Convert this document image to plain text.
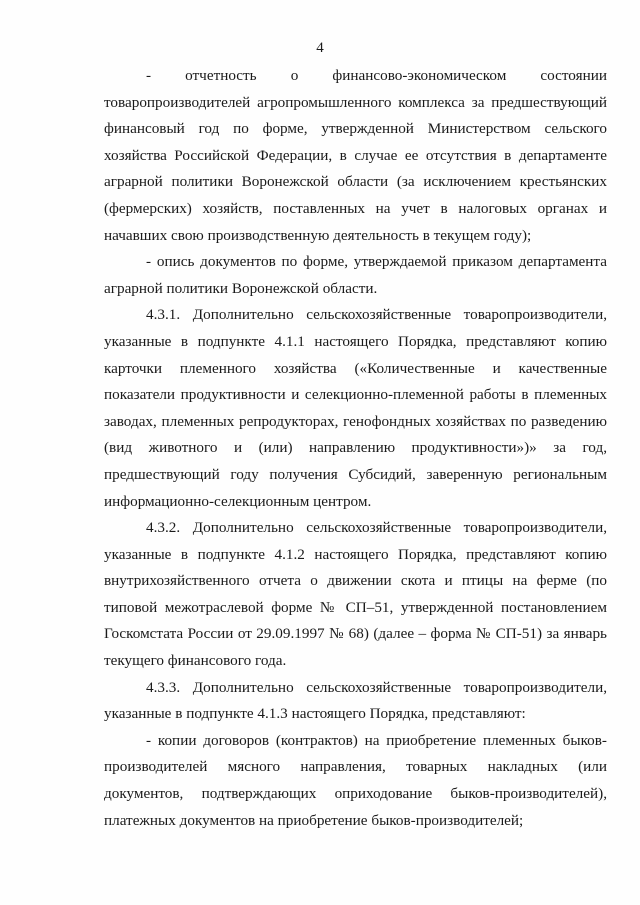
4

- отчетность о финансово-экономическом состоянии товаропроизводителей агропромышленного комплекса за предшествующий финансовый год по форме, утвержденной Министерством сельского хозяйства Российской Федерации, в случае ее отсутствия в департаменте аграрной политики Воронежской области (за исключением крестьянских (фермерских) хозяйств, поставленных на учет в налоговых органах и начавших свою производственную деятельность в текущем году);

- опись документов по форме, утверждаемой приказом департамента аграрной политики Воронежской области.

4.3.1. Дополнительно сельскохозяйственные товаропроизводители, указанные в подпункте 4.1.1 настоящего Порядка, представляют копию карточки племенного хозяйства («Количественные и качественные показатели продуктивности и селекционно-племенной работы в племенных заводах, племенных репродукторах, генофондных хозяйствах по разведению (вид животного и (или) направлению продуктивности»)» за год, предшествующий году получения Субсидий, заверенную региональным информационно-селекционным центром.

4.3.2. Дополнительно сельскохозяйственные товаропроизводители, указанные в подпункте 4.1.2 настоящего Порядка, представляют копию внутрихозяйственного отчета о движении скота и птицы на ферме (по типовой межотраслевой форме № СП–51, утвержденной постановлением Госкомстата России от 29.09.1997 № 68) (далее – форма № СП-51) за январь текущего финансового года.

4.3.3. Дополнительно сельскохозяйственные товаропроизводители, указанные в подпункте 4.1.3 настоящего Порядка, представляют:

- копии договоров (контрактов) на приобретение племенных быков-производителей мясного направления, товарных накладных (или документов, подтверждающих оприходование быков-производителей), платежных документов на приобретение быков-производителей;
